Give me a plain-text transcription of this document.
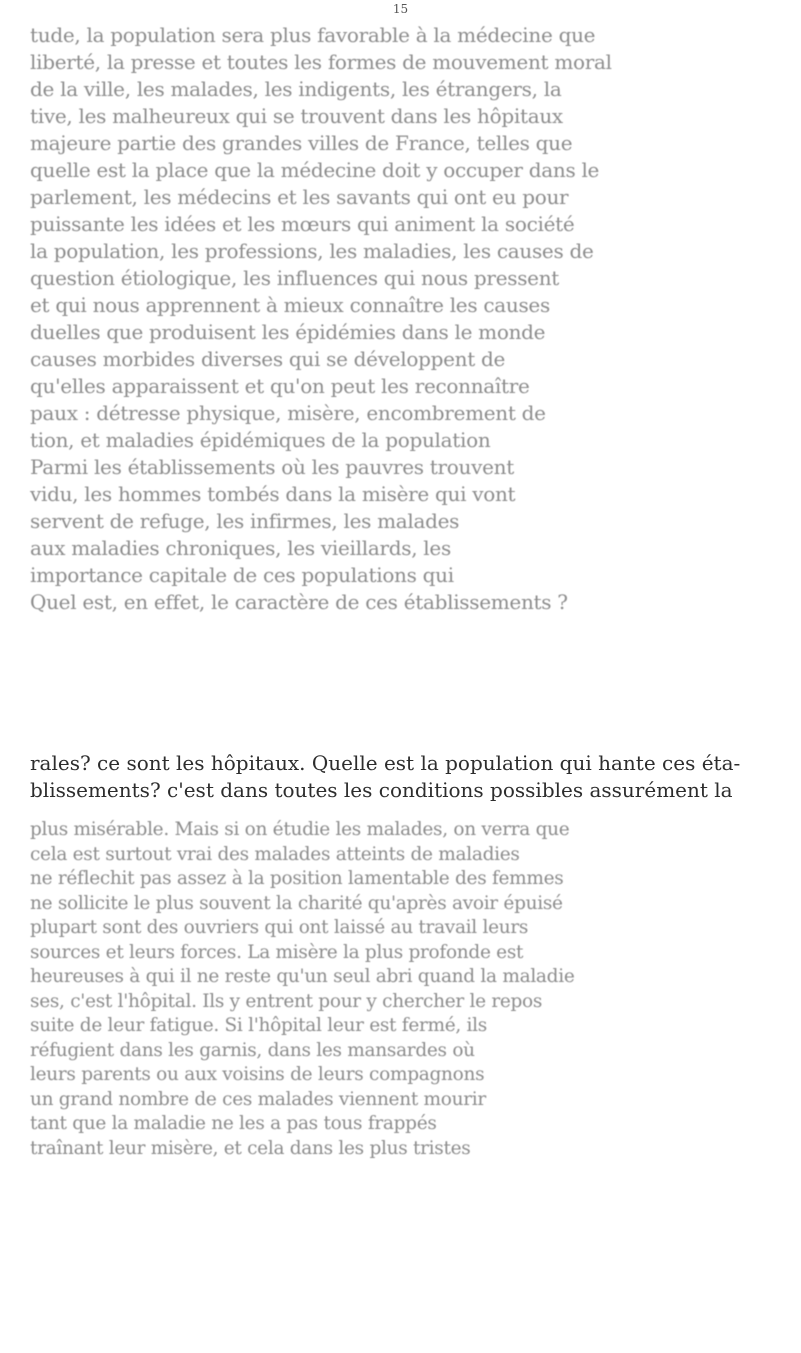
15
tude, la population sera plus favorable à la médecine que
liberté, la presse et toutes les formes de mouvement moral
de la ville, les malades, les indigents, les étrangers, la
tive, les malheureux qui se trouvent dans les hôpitaux
majeure partie des grandes villes de France, telles que
quelle est la place que la médecine doit y occuper dans le
parlement, les médecins et les savants qui ont eu pour
puissante les idées et les mœurs qui animent la société
la population, les professions, les maladies, les causes de
question étiologique, les influences qui nous pressent
et qui nous apprennent à mieux connaître les causes
duelles que produisent les épidémies dans le monde
causes morbides diverses qui se développent de
qu'elles apparaissent et qu'on peut les reconnaître
paux : détresse physique, misère, encombrement de
tion, et maladies épidémiques de la population
Parmi les établissements où les pauvres trouvent
vidu, les hommes tombés dans la misère qui vont
servent de refuge, les infirmes, les malades
aux maladies chroniques, les vieillards, les
importance capitale de ces populations qui
Quel est, en effet, le caractère de ces établissements ?
rales? ce sont les hôpitaux. Quelle est la population qui hante ces éta-
blissements? c'est dans toutes les conditions possibles assurément la
plus misérable. Mais si on étudie les malades, on verra que
cela est surtout vrai des malades atteints de maladies
ne réflechit pas assez à la position lamentable des femmes
ne sollicite le plus souvent la charité qu'après avoir épuisé
plupart sont des ouvriers qui ont laissé au travail leurs
sources et leurs forces. La misère la plus profonde est
heureuses à qui il ne reste qu'un seul abri quand la maladie
ses, c'est l'hôpital. Ils y entrent pour y chercher le repos
suite de leur fatigue. Si l'hôpital leur est fermé, ils
réfugient dans les garnis, dans les mansardes où
leurs parents ou aux voisins de leurs compagnons
un grand nombre de ces malades viennent mourir
tant que la maladie ne les a pas tous frappés
traînant leur misère, et cela dans les plus tristes
